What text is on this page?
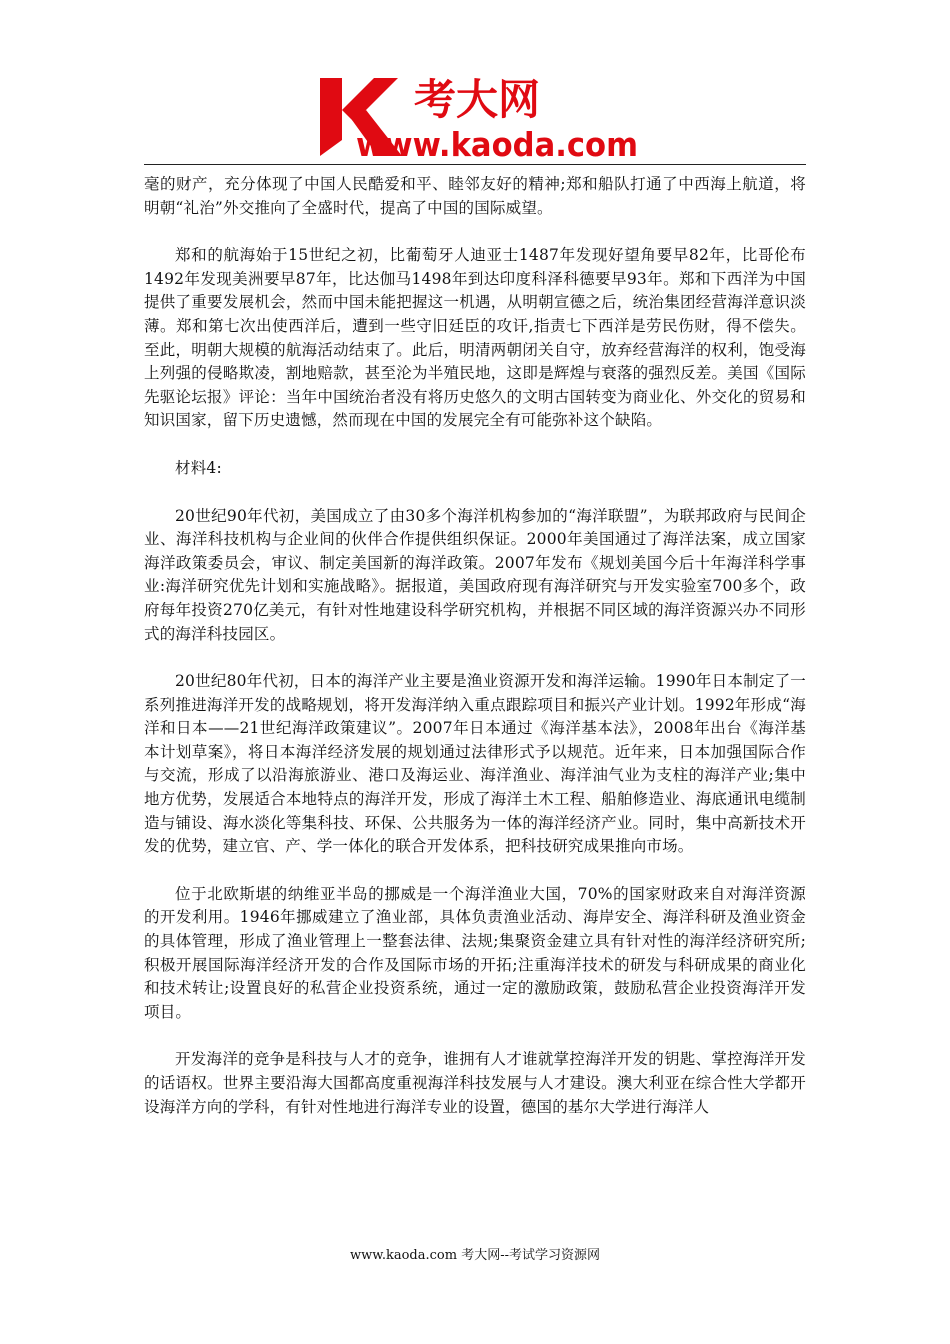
考大网
www.kaoda.com

毫的财产，充分体现了中国人民酷爱和平、睦邻友好的精神;郑和船队打通了中西海上航道，将明朝“礼治”外交推向了全盛时代，提高了中国的国际威望。

郑和的航海始于15世纪之初，比葡萄牙人迪亚士1487年发现好望角要早82年，比哥伦布1492年发现美洲要早87年，比达伽马1498年到达印度科泽科德要早93年。郑和下西洋为中国提供了重要发展机会，然而中国未能把握这一机遇，从明朝宣德之后，统治集团经营海洋意识淡薄。郑和第七次出使西洋后，遭到一些守旧廷臣的攻讦,指责七下西洋是劳民伤财，得不偿失。至此，明朝大规模的航海活动结束了。此后，明清两朝闭关自守，放弃经营海洋的权利，饱受海上列强的侵略欺凌，割地赔款，甚至沦为半殖民地，这即是辉煌与衰落的强烈反差。美国《国际先驱论坛报》评论：当年中国统治者没有将历史悠久的文明古国转变为商业化、外交化的贸易和知识国家，留下历史遗憾，然而现在中国的发展完全有可能弥补这个缺陷。

材料4:

20世纪90年代初，美国成立了由30多个海洋机构参加的“海洋联盟”，为联邦政府与民间企业、海洋科技机构与企业间的伙伴合作提供组织保证。2000年美国通过了海洋法案，成立国家海洋政策委员会，审议、制定美国新的海洋政策。2007年发布《规划美国今后十年海洋科学事业:海洋研究优先计划和实施战略》。据报道，美国政府现有海洋研究与开发实验室700多个，政府每年投资270亿美元，有针对性地建设科学研究机构，并根据不同区域的海洋资源兴办不同形式的海洋科技园区。

20世纪80年代初，日本的海洋产业主要是渔业资源开发和海洋运输。1990年日本制定了一系列推进海洋开发的战略规划，将开发海洋纳入重点跟踪项目和振兴产业计划。1992年形成“海洋和日本——21世纪海洋政策建议”。2007年日本通过《海洋基本法》，2008年出台《海洋基本计划草案》，将日本海洋经济发展的规划通过法律形式予以规范。近年来，日本加强国际合作与交流，形成了以沿海旅游业、港口及海运业、海洋渔业、海洋油气业为支柱的海洋产业;集中地方优势，发展适合本地特点的海洋开发，形成了海洋土木工程、船舶修造业、海底通讯电缆制造与铺设、海水淡化等集科技、环保、公共服务为一体的海洋经济产业。同时，集中高新技术开发的优势，建立官、产、学一体化的联合开发体系，把科技研究成果推向市场。

位于北欧斯堪的纳维亚半岛的挪威是一个海洋渔业大国，70%的国家财政来自对海洋资源的开发利用。1946年挪威建立了渔业部，具体负责渔业活动、海岸安全、海洋科研及渔业资金的具体管理，形成了渔业管理上一整套法律、法规;集聚资金建立具有针对性的海洋经济研究所;积极开展国际海洋经济开发的合作及国际市场的开拓;注重海洋技术的研发与科研成果的商业化和技术转让;设置良好的私营企业投资系统，通过一定的激励政策，鼓励私营企业投资海洋开发项目。

开发海洋的竞争是科技与人才的竞争，谁拥有人才谁就掌控海洋开发的钥匙、掌控海洋开发的话语权。世界主要沿海大国都高度重视海洋科技发展与人才建设。澳大利亚在综合性大学都开设海洋方向的学科，有针对性地进行海洋专业的设置，德国的基尔大学进行海洋人

www.kaoda.com 考大网--考试学习资源网
